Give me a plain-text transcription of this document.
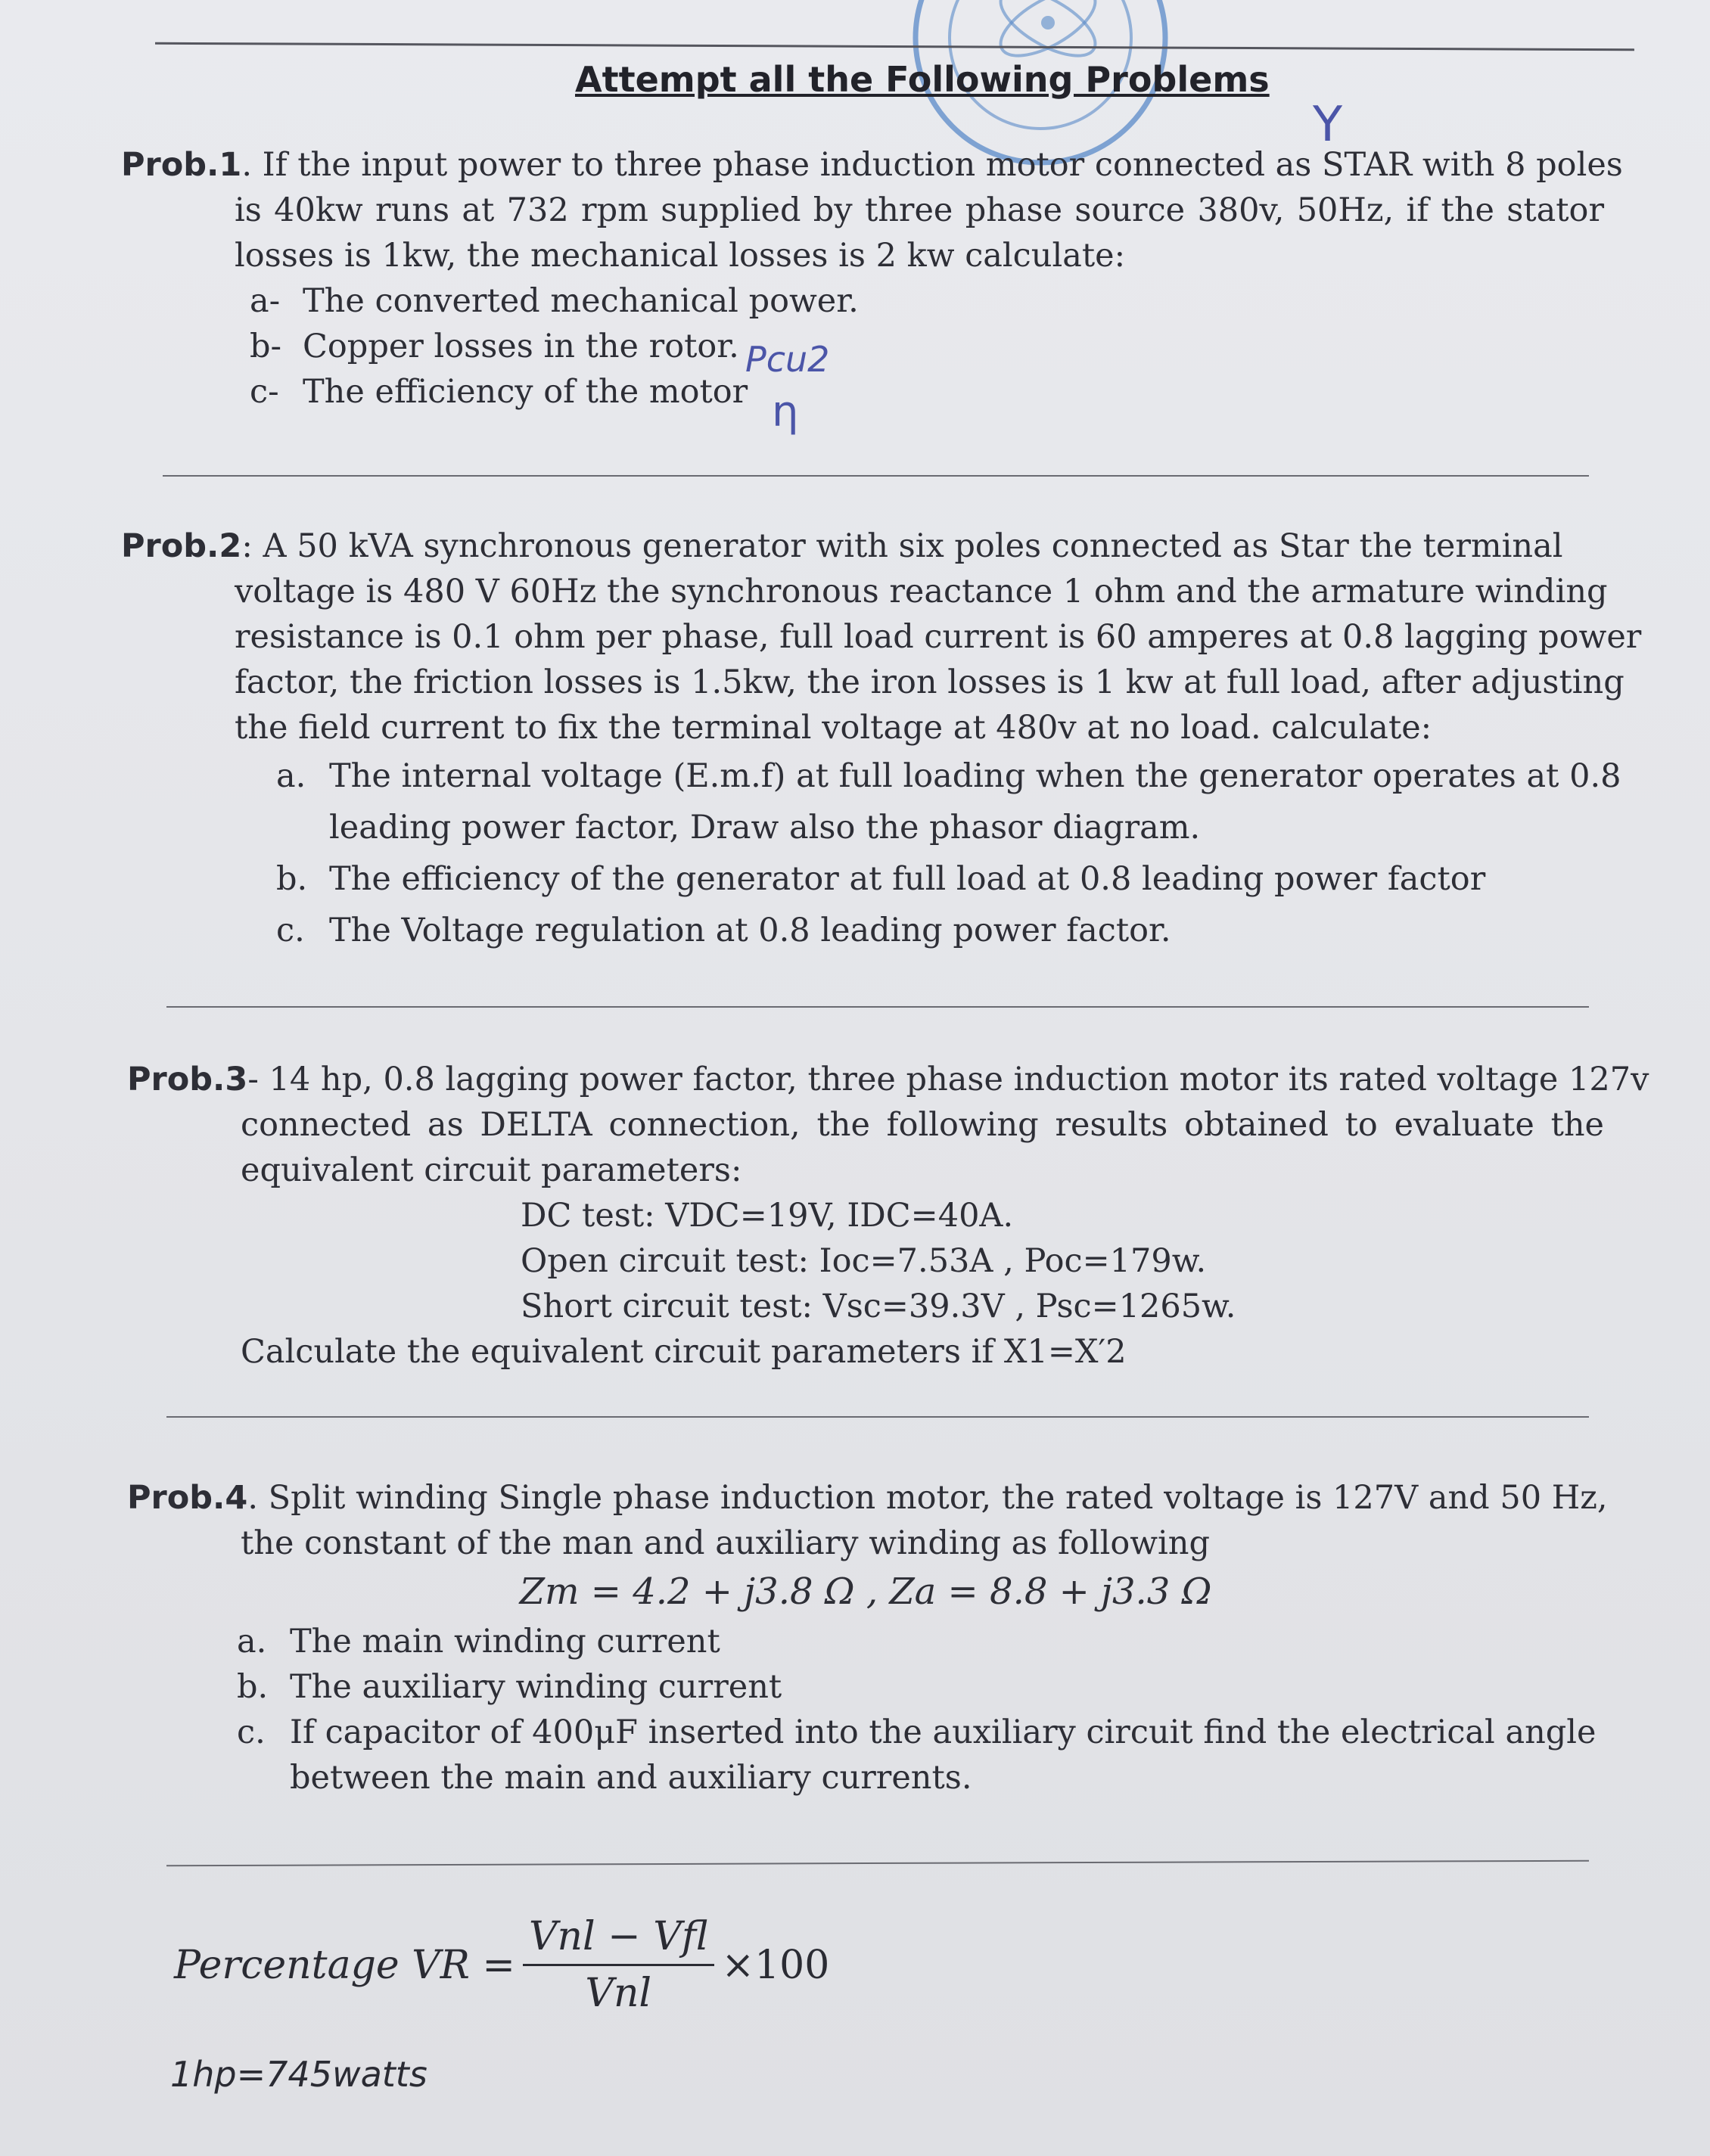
Attempt all the Following Problems
Prob.1. If the input power to three phase induction motor connected as STAR with 8 poles
is 40kw runs at 732 rpm supplied by three phase source 380v, 50Hz, if the stator
losses is 1kw, the mechanical losses is 2 kw calculate:
a- The converted mechanical power.
b- Copper losses in the rotor.
c- The efficiency of the motor
Y
Pcu2
η
Prob.2: A 50 kVA synchronous generator with six poles connected as Star the terminal
voltage is 480 V 60Hz the synchronous reactance 1 ohm and the armature winding
resistance is 0.1 ohm per phase, full load current is 60 amperes at 0.8 lagging power
factor, the friction losses is 1.5kw, the iron losses is 1 kw at full load, after adjusting
the field current to fix the terminal voltage at 480v at no load. calculate:
a. The internal voltage (E.m.f) at full loading when the generator operates at 0.8
leading power factor, Draw also the phasor diagram.
b. The efficiency of the generator at full load at 0.8 leading power factor
c. The Voltage regulation at 0.8 leading power factor.
Prob.3- 14 hp, 0.8 lagging power factor, three phase induction motor its rated voltage 127v
connected as DELTA connection, the following results obtained to evaluate the
equivalent circuit parameters:
DC test: VDC=19V, IDC=40A.
Open circuit test: Ioc=7.53A , Poc=179w.
Short circuit test: Vsc=39.3V , Psc=1265w.
Calculate the equivalent circuit parameters if X1=X′2
Prob.4. Split winding Single phase induction motor, the rated voltage is 127V and 50 Hz,
the constant of the man and auxiliary winding as following
Zm = 4.2 + j3.8 Ω , Za = 8.8 + j3.3 Ω
a. The main winding current
b. The auxiliary winding current
c. If capacitor of 400μF inserted into the auxiliary circuit find the electrical angle
between the main and auxiliary currents.
Percentage VR = $\frac{\text{Vnl − Vfl}}{\text{Vnl}} \times 100$
1hp=745watts
